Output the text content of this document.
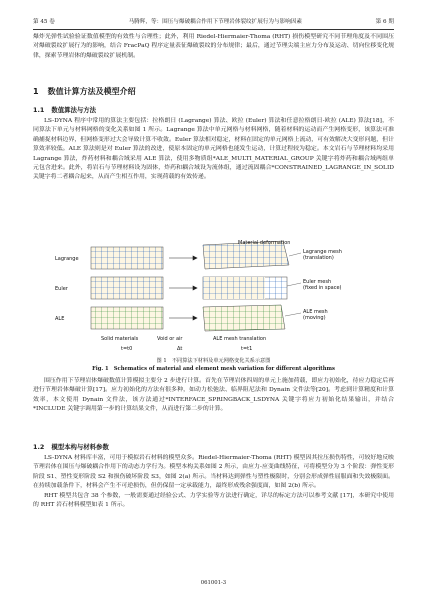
第 45 卷	马腾辉，等：围压与爆破耦合作用下节理岩体裂纹扩展行为与影响因素	第 6 期

爆炸光弹性试验验证数值模型的有效性与合理性；此外，利用 Riedel-Hiermaier-Thoma (RHT) 损伤模型研究不同节理角度及不同围压对爆破裂纹扩展行为的影响，结合 FracPaQ 程序定量表征爆破裂纹的分布规律；最后，通过节理尖端主应力分布及运动、切向位移变化规律，探索节理岩体的爆破裂纹扩展机制。

1 数值计算方法及模型介绍
1.1 数值算法与方法

LS-DYNA 程序中常用的算法主要包括：拉格朗日 (Lagrange) 算法、欧拉 (Euler) 算法和任意拉格朗日-欧拉 (ALE) 算法[18]，不同算法下单元与材料网格的变化关系如图 1 所示。Lagrange 算法中单元网格与材料网格，随着材料的运动而产生网格变形，该算法可准确捕捉材料边界，但网格变形过大会导致计算不收敛。Euler 算法相对稳定，材料在固定的单元网格上流动，可有效解决大变形问题，但计算效率较低。ALE 算法则是对 Euler 算法的改进，使原本固定的单元网格也能发生运动，计算过程较为稳定。本文岩石与节理材料均采用 Lagrange 算法，炸药材料和耦合域采用 ALE 算法，使用多物质组*ALE_MULTI_MATERIAL_GROUP 关键字将炸药和耦合域两组单元包含进来。此外，将岩石与节理材料设为固体，炸药和耦合域设为流体组，通过流固耦合*CONSTRAINED_LAGRANGE_IN_SOLID 关键字将二者耦合起来，从而产生相互作用，实现荷载的有效传递。

Lagrange
Euler
ALE
Material deformation
Lagrange mesh (translation)
Euler mesh (fixed in space)
ALE mesh (moving)
Solid materials	Void or air	ALE mesh translation
t=t0	Δt	t=t1
图 1　不同算法下材料及单元网格变化关系示意图
Fig. 1　Schematics of material and element mesh variation for different algorithms

围压作用下节理岩体爆破数值计算模拟主要分 2 步进行计算。首先在节理岩体四周的单元上施加荷载，即应力初始化，待应力稳定后再进行节理岩体爆破计算[17]。应力初始化的方法有很多种，如动力松弛法、临界阻尼法和 Dynain 文件法等[20]。考虑到计算精度和计算效率，本文使用 Dynain 文件法，该方法通过*INTERFACE_SPRINGBACK_LSDYNA 关键字将应力初始化结果输出，并结合*INCLUDE 关键字调用第一步的计算结果文件，从而进行第二步的计算。

1.2 模型本构与材料参数

LS-DYNA 材料库丰富，可用于模拟岩石材料的模型众多。Riedel-Hiermaier-Thoma (RHT) 模型因其拉压损伤特性，可较好地反映节理岩体在围压与爆破耦合作用下的动态力学行为。模型本构关系如图 2 所示，由应力-应变曲线特征，可将模型分为 3 个阶段：弹性变形阶段 S1、塑性变形阶段 S2 和损伤破坏阶段 S3，如图 2(a) 所示。当材料达到弹性与塑性极限时，分别会形成弹性屈服面和失效极限面。在持续加载条件下，材料会产生不可逆损伤，但仍保留一定承载能力，最终形成残余强度面，如图 2(b) 所示。

RHT 模型共包含 38 个参数，一般需要通过经验公式、力学实验等方法进行确定，详尽的标定方法可以参考文献 [17]，本研究中使用的 RHT 岩石材料模型如表 1 所示。

061001-3
